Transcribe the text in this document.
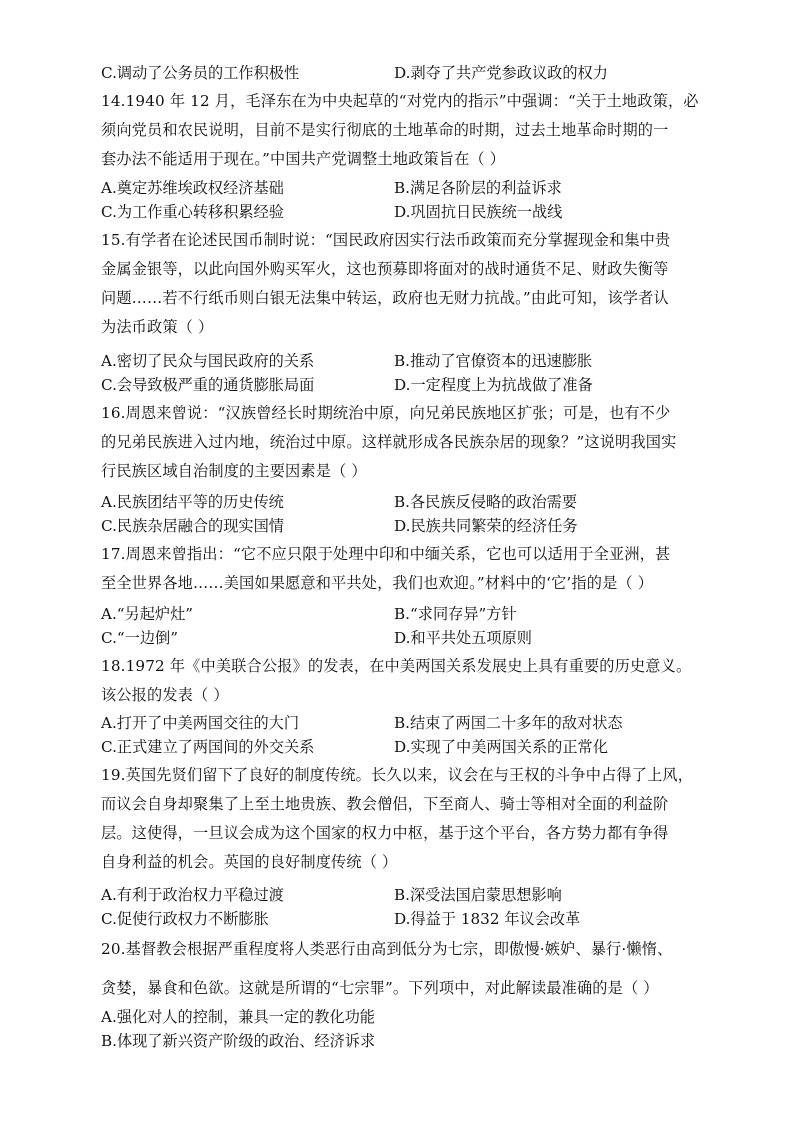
C.调动了公务员的工作积极性	D.剥夺了共产党参政议政的权力
14.1940 年 12 月，毛泽东在为中央起草的“对党内的指示”中强调：“关于土地政策，必
须向党员和农民说明，目前不是实行彻底的土地革命的时期，过去土地革命时期的一
套办法不能适用于现在。”中国共产党调整土地政策旨在（ ）
A.奠定苏维埃政权经济基础	B.满足各阶层的利益诉求
C.为工作重心转移积累经验	D.巩固抗日民族统一战线
15.有学者在论述民国币制时说：“国民政府因实行法币政策而充分掌握现金和集中贵
金属金银等，以此向国外购买军火，这也预募即将面对的战时通货不足、财政失衡等
问题……若不行纸币则白银无法集中转运，政府也无财力抗战。”由此可知，该学者认
为法币政策（ ）
A.密切了民众与国民政府的关系	B.推动了官僚资本的迅速膨胀
C.会导致极严重的通货膨胀局面	D.一定程度上为抗战做了准备
16.周恩来曾说：“汉族曾经长时期统治中原，向兄弟民族地区扩张；可是，也有不少
的兄弟民族进入过内地，统治过中原。这样就形成各民族杂居的现象？”这说明我国实
行民族区域自治制度的主要因素是（ ）
A.民族团结平等的历史传统	B.各民族反侵略的政治需要
C.民族杂居融合的现实国情	D.民族共同繁荣的经济任务
17.周恩来曾指出：“它不应只限于处理中印和中缅关系，它也可以适用于全亚洲，甚
至全世界各地……美国如果愿意和平共处，我们也欢迎。”材料中的‘它’指的是（ ）
A.“另起炉灶”	B.“求同存异”方针
C.“一边倒”	D.和平共处五项原则
18.1972 年《中美联合公报》的发表，在中美两国关系发展史上具有重要的历史意义。
该公报的发表（ ）
A.打开了中美两国交往的大门	B.结束了两国二十多年的敌对状态
C.正式建立了两国间的外交关系	D.实现了中美两国关系的正常化
19.英国先贤们留下了良好的制度传统。长久以来，议会在与王权的斗争中占得了上风，
而议会自身却聚集了上至土地贵族、教会僧侣，下至商人、骑士等相对全面的利益阶
层。这使得，一旦议会成为这个国家的权力中枢，基于这个平台，各方势力都有争得
自身利益的机会。英国的良好制度传统（ ）
A.有利于政治权力平稳过渡	B.深受法国启蒙思想影响
C.促使行政权力不断膨胀	D.得益于 1832 年议会改革
20.基督教会根据严重程度将人类恶行由高到低分为七宗，即傲慢·嫉妒、暴行·懒惰、
贪婪，暴食和色欲。这就是所谓的“七宗罪”。下列项中，对此解读最准确的是（ ）
A.强化对人的控制，兼具一定的教化功能
B.体现了新兴资产阶级的政治、经济诉求
